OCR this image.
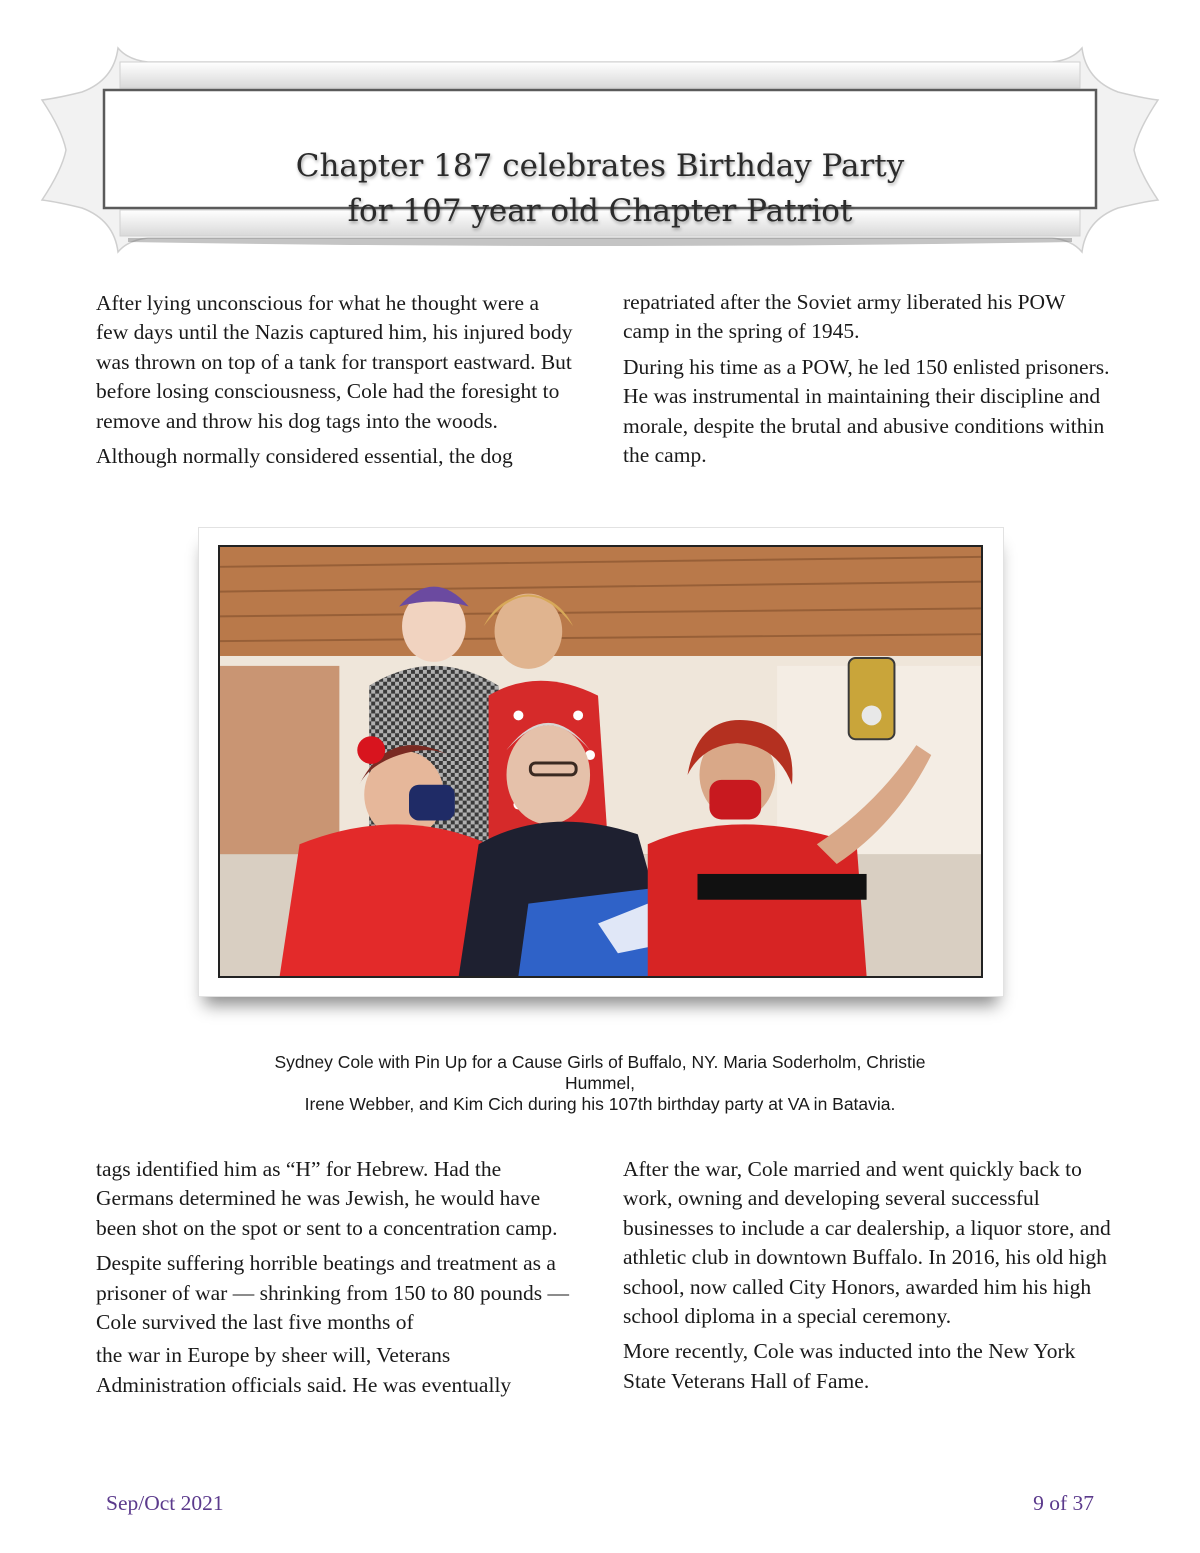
Chapter 187 celebrates Birthday Party
for 107 year old Chapter Patriot

After lying unconscious for what he thought were a few days until the Nazis captured him, his injured body was thrown on top of a tank for transport eastward. But before losing consciousness, Cole had the foresight to remove and throw his dog tags into the woods.

Although normally considered essential, the dog

repatriated after the Soviet army liberated his POW camp in the spring of 1945.

During his time as a POW, he led 150 enlisted prisoners. He was instrumental in maintaining their discipline and morale, despite the brutal and abusive conditions within the camp.

Sydney Cole with Pin Up for a Cause Girls of Buffalo, NY. Maria Soderholm, Christie
Hummel,
Irene Webber, and Kim Cich during his 107th birthday party at VA in Batavia.

tags identified him as “H” for Hebrew. Had the Germans determined he was Jewish, he would have been shot on the spot or sent to a concentration camp.

Despite suffering horrible beatings and treatment as a prisoner of war — shrinking from 150 to 80 pounds — Cole survived the last five months of

the war in Europe by sheer will, Veterans Administration officials said. He was eventually

After the war, Cole married and went quickly back to work, owning and developing several successful businesses to include a car dealership, a liquor store, and athletic club in downtown Buffalo. In 2016, his old high school, now called City Honors, awarded him his high school diploma in a special ceremony.

More recently, Cole was inducted into the New York State Veterans Hall of Fame.

Sep/Oct 2021	9 of 37
